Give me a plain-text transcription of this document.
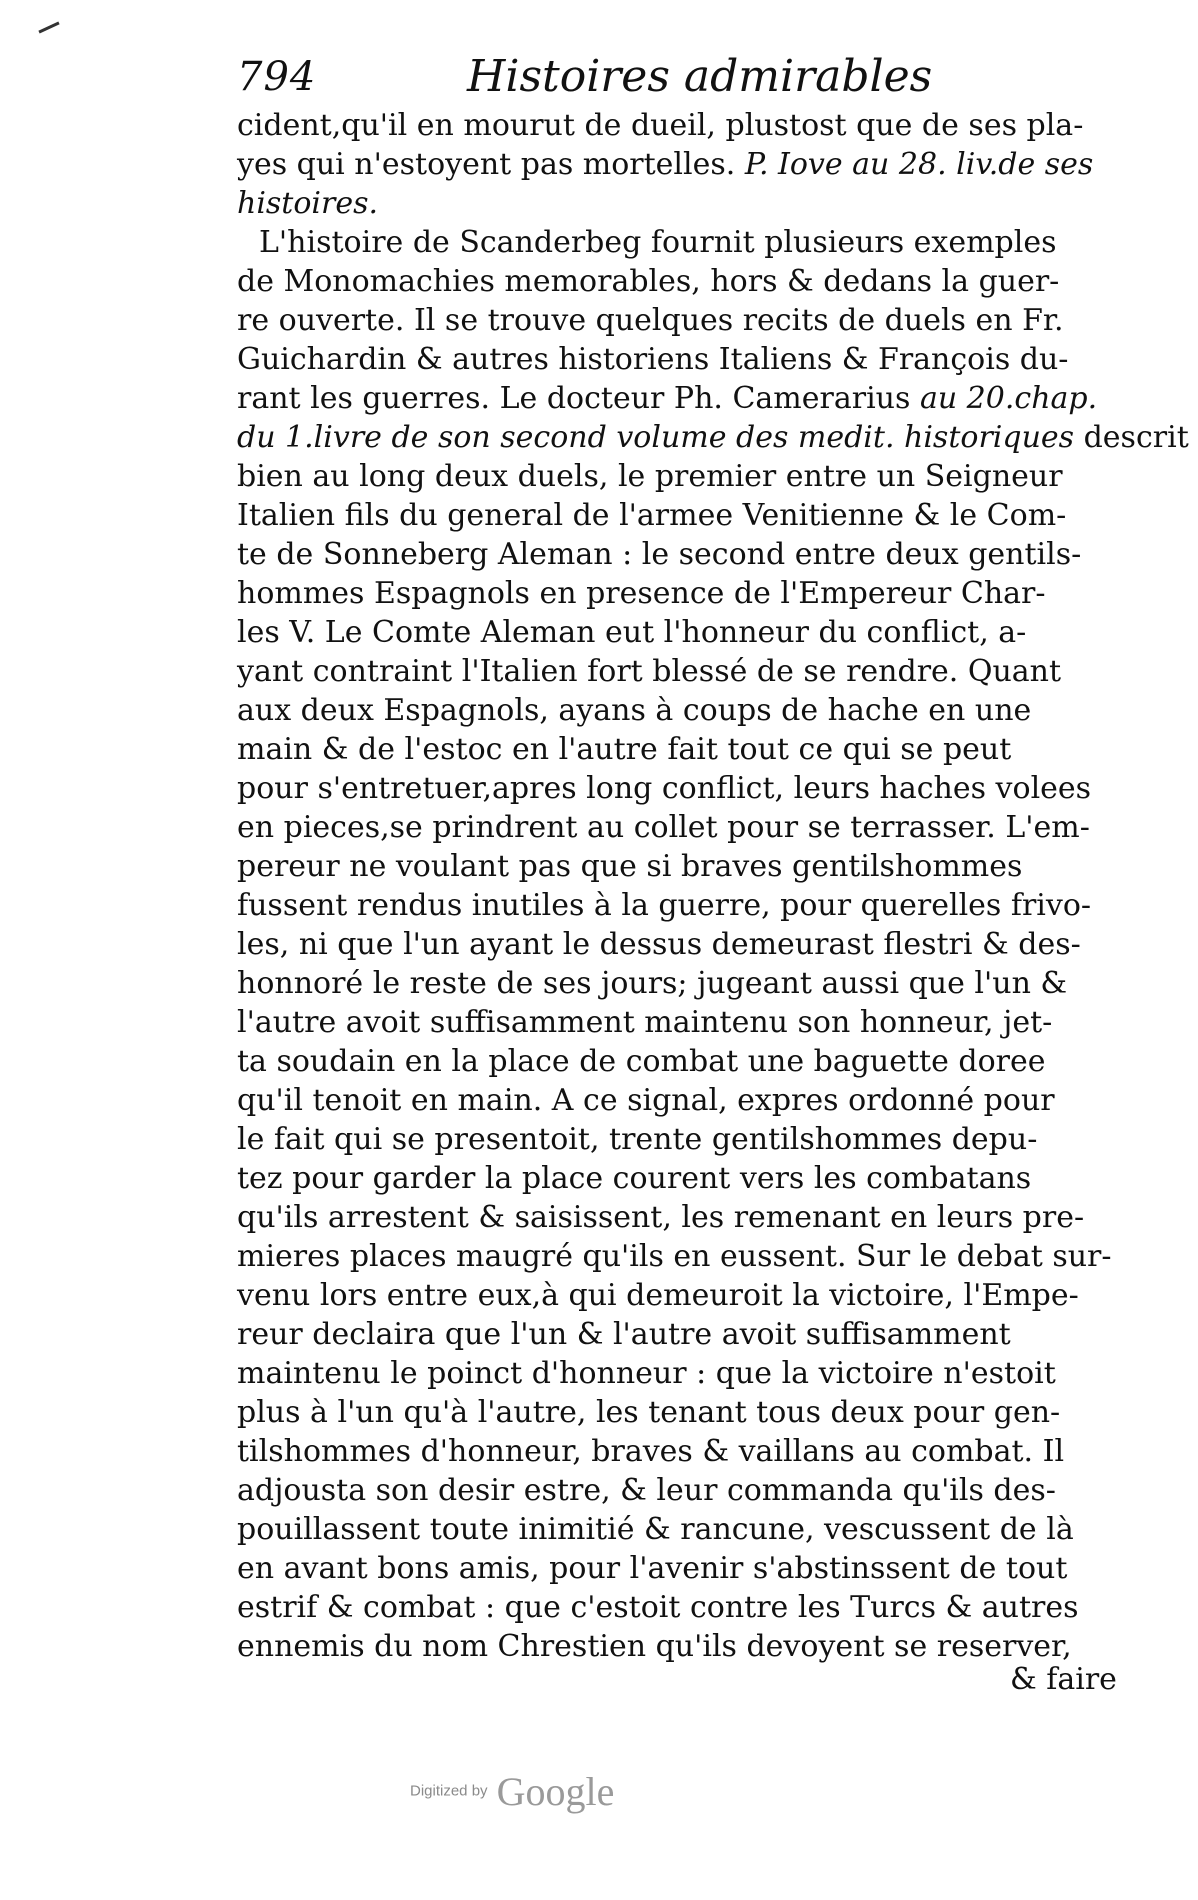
794	Histoires admirables
cident,qu'il en mourut de dueil, plustost que de ses pla-
yes qui n'estoyent pas mortelles. P. Iove au 28. liv.de ses
histoires.
L'histoire de Scanderbeg fournit plusieurs exemples
de Monomachies memorables, hors & dedans la guer-
re ouverte. Il se trouve quelques recits de duels en Fr.
Guichardin & autres historiens Italiens & François du-
rant les guerres. Le docteur Ph. Camerarius au 20.chap.
du 1.livre de son second volume des medit. historiques descrit
bien au long deux duels, le premier entre un Seigneur
Italien fils du general de l'armee Venitienne & le Com-
te de Sonneberg Aleman : le second entre deux gentils-
hommes Espagnols en presence de l'Empereur Char-
les V. Le Comte Aleman eut l'honneur du conflict, a-
yant contraint l'Italien fort blessé de se rendre. Quant
aux deux Espagnols, ayans à coups de hache en une
main & de l'estoc en l'autre fait tout ce qui se peut
pour s'entretuer,apres long conflict, leurs haches volees
en pieces,se prindrent au collet pour se terrasser. L'em-
pereur ne voulant pas que si braves gentilshommes
fussent rendus inutiles à la guerre, pour querelles frivo-
les, ni que l'un ayant le dessus demeurast flestri & des-
honnoré le reste de ses jours; jugeant aussi que l'un &
l'autre avoit suffisamment maintenu son honneur, jet-
ta soudain en la place de combat une baguette doree
qu'il tenoit en main. A ce signal, expres ordonné pour
le fait qui se presentoit, trente gentilshommes depu-
tez pour garder la place courent vers les combatans
qu'ils arrestent & saisissent, les remenant en leurs pre-
mieres places maugré qu'ils en eussent. Sur le debat sur-
venu lors entre eux,à qui demeuroit la victoire, l'Empe-
reur declaira que l'un & l'autre avoit suffisamment
maintenu le poinct d'honneur : que la victoire n'estoit
plus à l'un qu'à l'autre, les tenant tous deux pour gen-
tilshommes d'honneur, braves & vaillans au combat. Il
adjousta son desir estre, & leur commanda qu'ils des-
pouillassent toute inimitié & rancune, vescussent de là
en avant bons amis, pour l'avenir s'abstinssent de tout
estrif & combat : que c'estoit contre les Turcs & autres
ennemis du nom Chrestien qu'ils devoyent se reserver,
& faire
Digitized by Google
